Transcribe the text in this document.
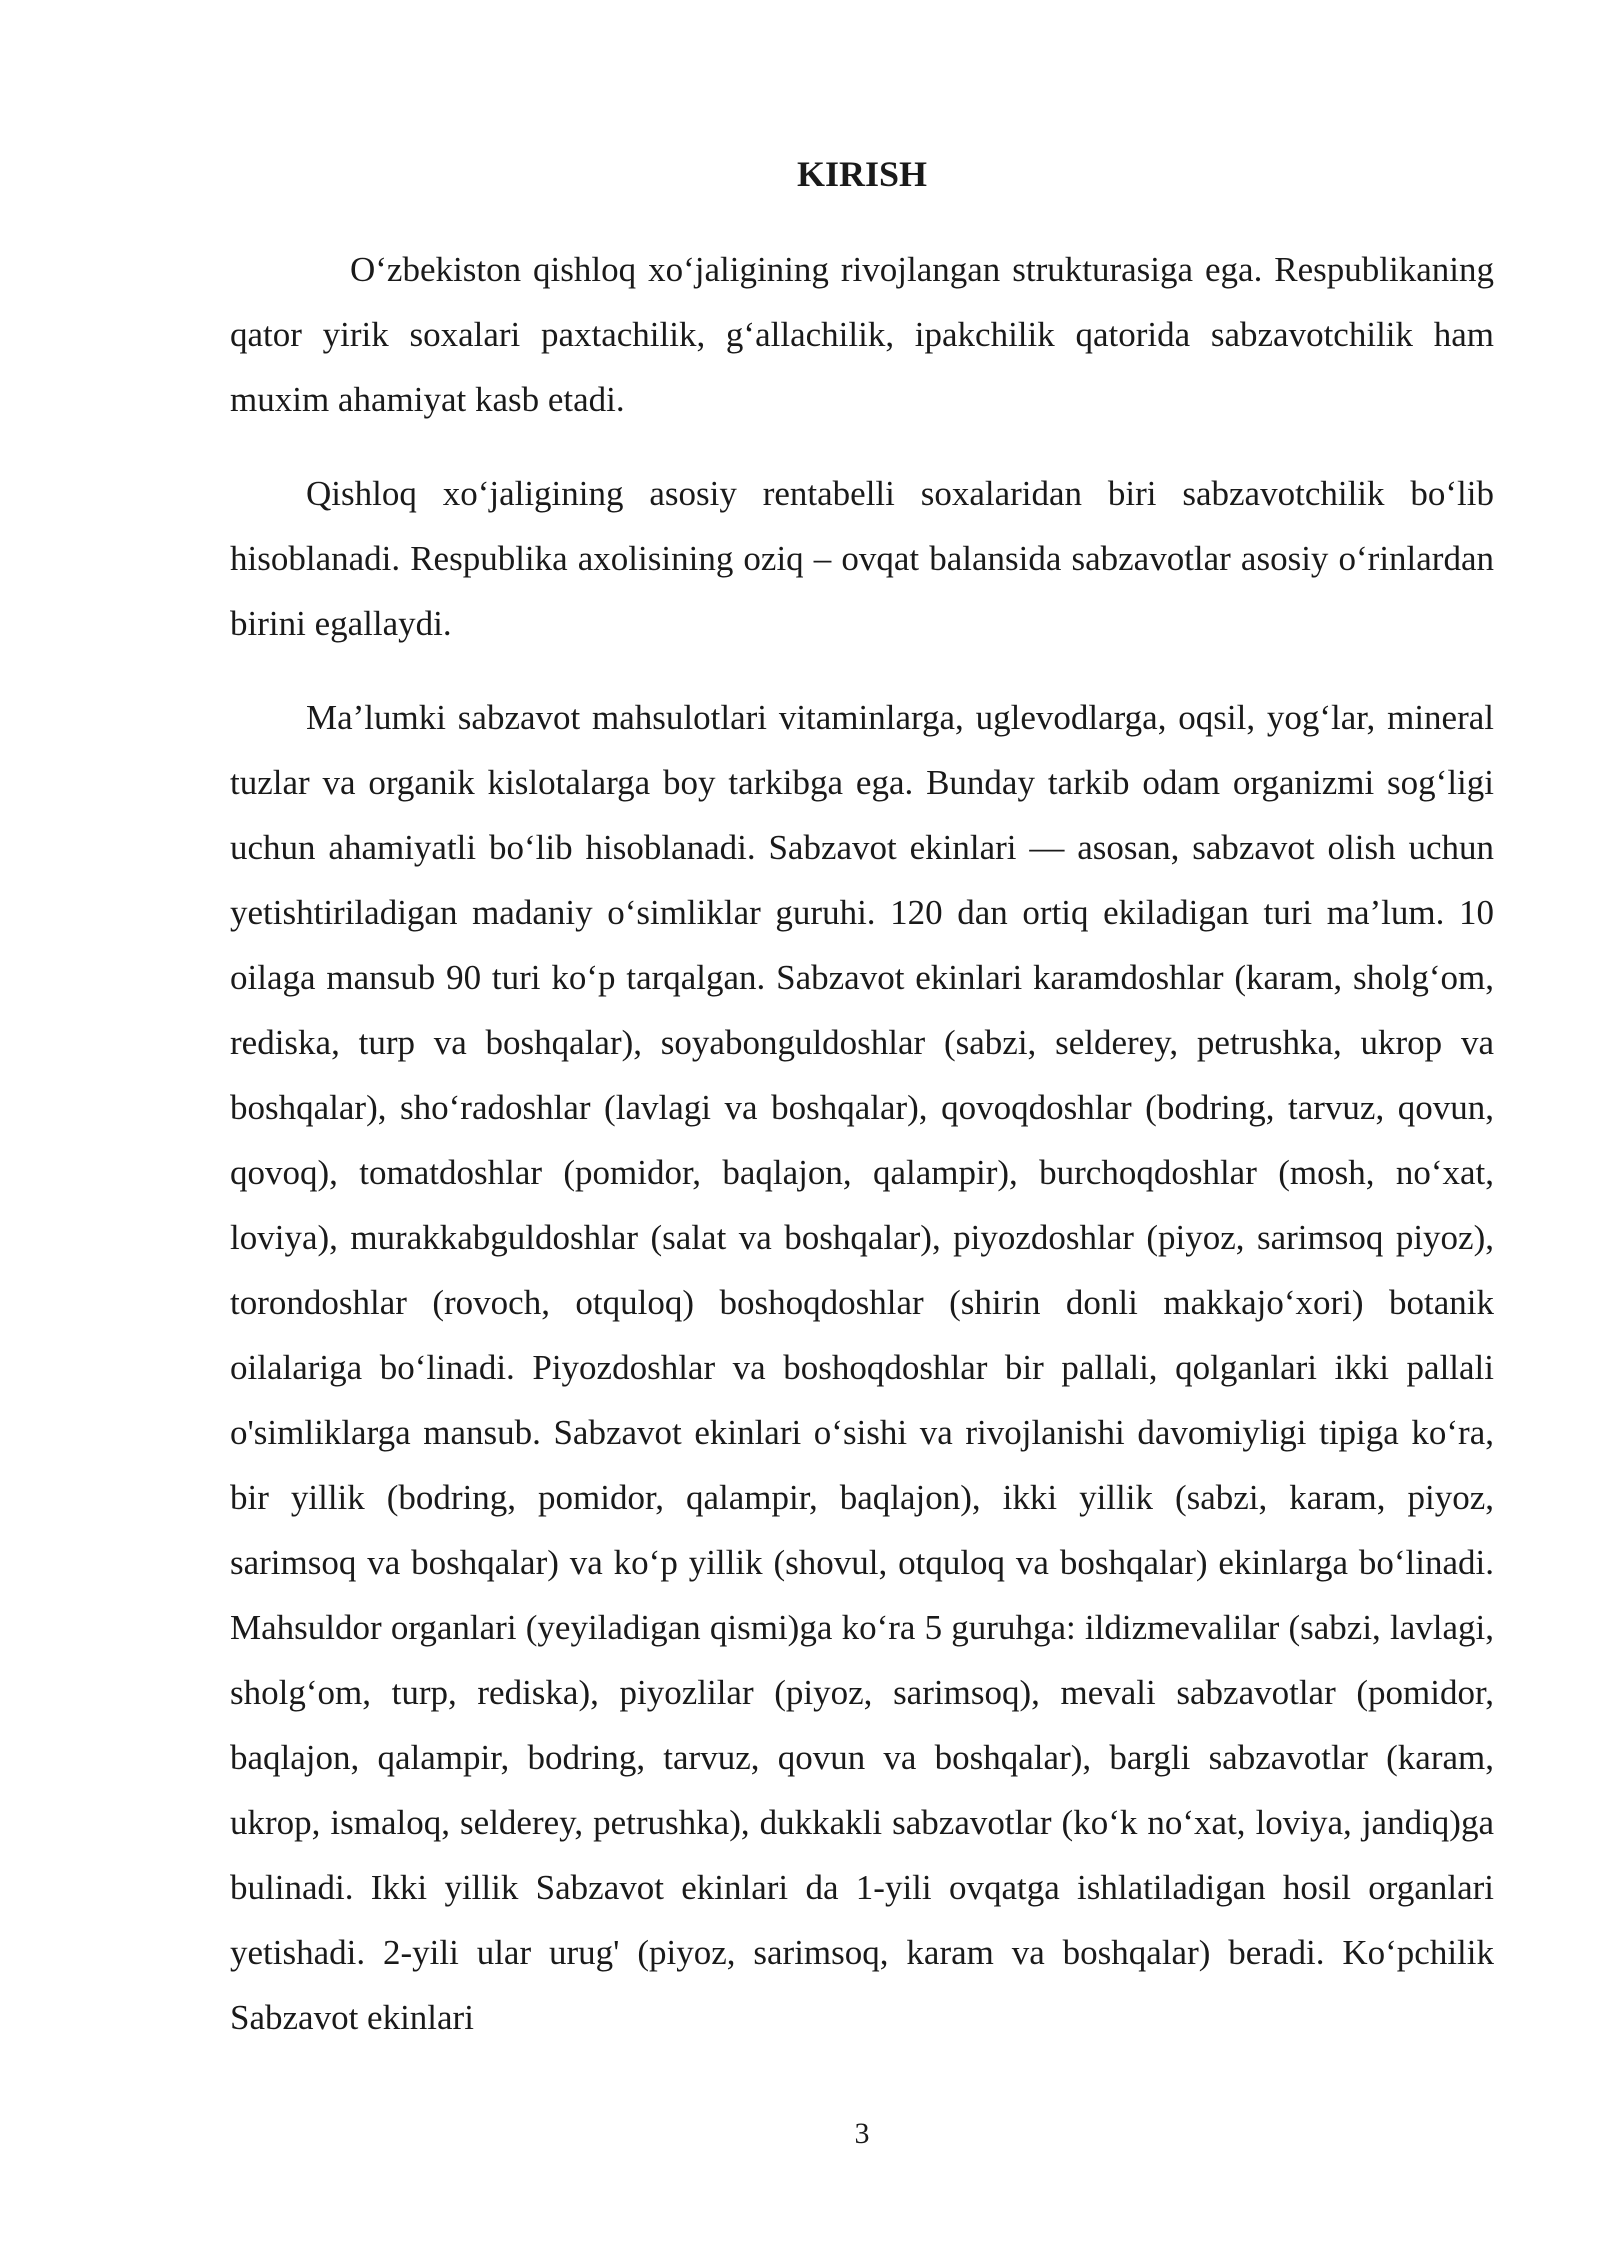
KIRISH

O‘zbekiston qishloq xo‘jaligining rivojlangan strukturasiga ega. Respublikaning qator yirik soxalari paxtachilik, g‘allachilik, ipakchilik qatorida sabzavotchilik ham muxim ahamiyat kasb etadi.

Qishloq xo‘jaligining asosiy rentabelli soxalaridan biri sabzavotchilik bo‘lib hisoblanadi. Respublika axolisining oziq – ovqat balansida sabzavotlar asosiy o‘rinlardan birini egallaydi.

Ma’lumki sabzavot mahsulotlari vitaminlarga, uglevodlarga, oqsil, yog‘lar, mineral tuzlar va organik kislotalarga boy tarkibga ega. Bunday tarkib odam organizmi sog‘ligi uchun ahamiyatli bo‘lib hisoblanadi. Sabzavot ekinlari — asosan, sabzavot olish uchun yetishtiriladigan madaniy o‘simliklar guruhi. 120 dan ortiq ekiladigan turi ma’lum. 10 oilaga mansub 90 turi ko‘p tarqalgan. Sabzavot ekinlari karamdoshlar (karam, sholg‘om, rediska, turp va boshqalar), soyabonguldoshlar (sabzi, selderey, petrushka, ukrop va boshqalar), sho‘radoshlar (lavlagi va boshqalar), qovoqdoshlar (bodring, tarvuz, qovun, qovoq), tomatdoshlar (pomidor, baqlajon, qalampir), burchoqdoshlar (mosh, no‘xat, loviya), murakkabguldoshlar (salat va boshqalar), piyozdoshlar (piyoz, sarimsoq piyoz), torondoshlar (rovoch, otquloq) boshoqdoshlar (shirin donli makkajo‘xori) botanik oilalariga bo‘linadi. Piyozdoshlar va boshoqdoshlar bir pallali, qolganlari ikki pallali o'simliklarga mansub. Sabzavot ekinlari o‘sishi va rivojlanishi davomiyligi tipiga ko‘ra, bir yillik (bodring, pomidor, qalampir, baqlajon), ikki yillik (sabzi, karam, piyoz, sarimsoq va boshqalar) va ko‘p yillik (shovul, otquloq va boshqalar) ekinlarga bo‘linadi. Mahsuldor organlari (yeyiladigan qismi)ga ko‘ra 5 guruhga: ildizmevalilar (sabzi, lavlagi, sholg‘om, turp, rediska), piyozlilar (piyoz, sarimsoq), mevali sabzavotlar (pomidor, baqlajon, qalampir, bodring, tarvuz, qovun va boshqalar), bargli sabzavotlar (karam, ukrop, ismaloq, selderey, petrushka), dukkakli sabzavotlar (ko‘k no‘xat, loviya, jandiq)ga bulinadi. Ikki yillik Sabzavot ekinlari da 1-yili ovqatga ishlatiladigan hosil organlari yetishadi. 2-yili ular urug' (piyoz, sarimsoq, karam va boshqalar) beradi. Ko‘pchilik Sabzavot ekinlari

3
